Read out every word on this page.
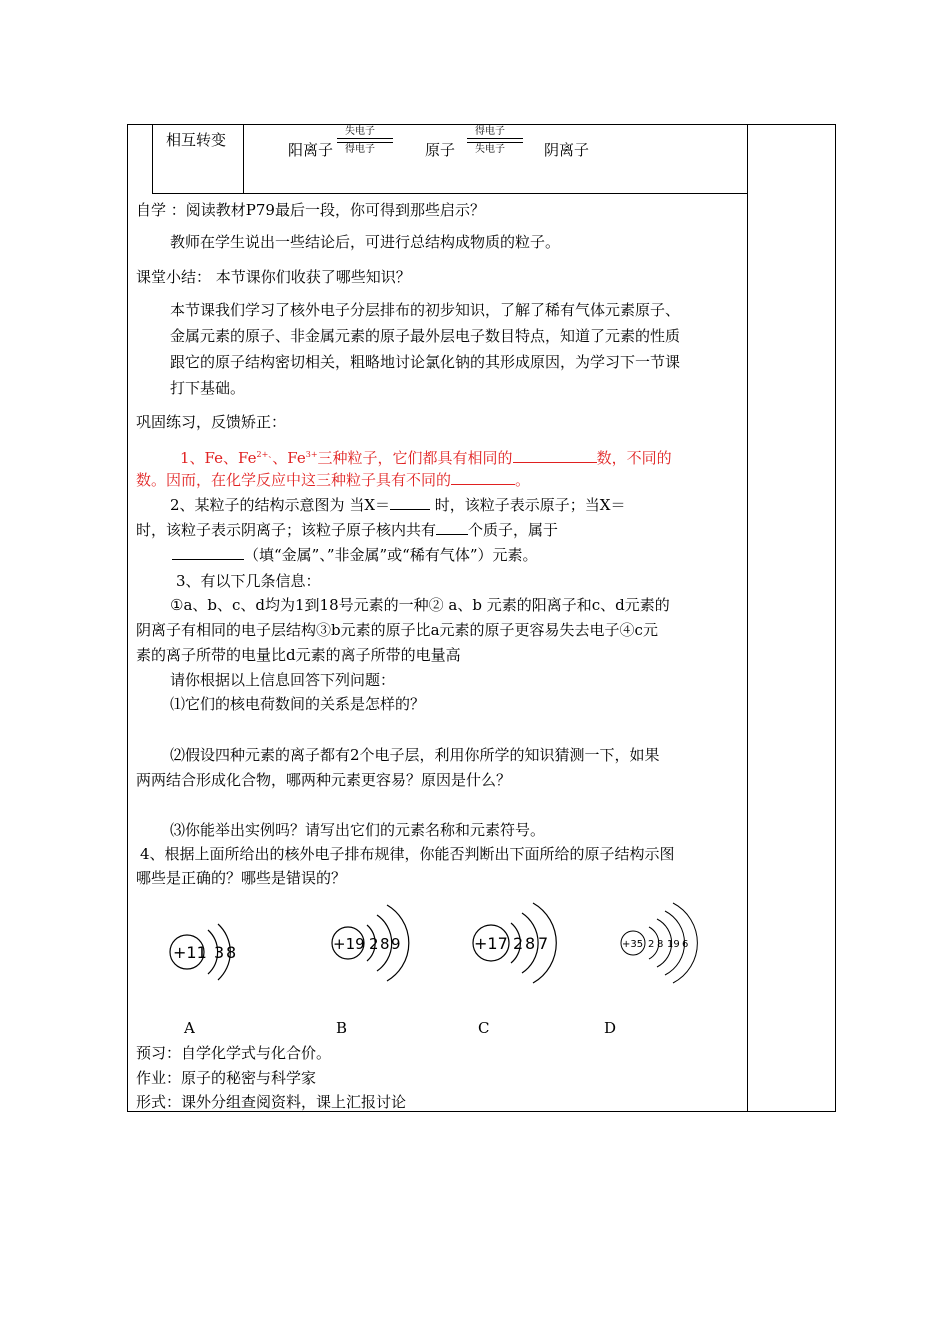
相互转变
阳离子
失电子
得电子	原子
得电子
失电子	阴离子
自学 ：阅读教材P79最后一段，你可得到那些启示？
教师在学生说出一些结论后，可进行总结构成物质的粒子。
课堂小结： 本节课你们收获了哪些知识？
本节课我们学习了核外电子分层排布的初步知识，了解了稀有气体元素原子、
金属元素的原子、非金属元素的原子最外层电子数目特点，知道了元素的性质
跟它的原子结构密切相关，粗略地讨论氯化钠的其形成原因，为学习下一节课
打下基础。
巩固练习，反馈矫正：
1、Fe、$Fe^{2+、}$、$Fe^{3+}$三种粒子，它们都具有相同的	数，不同的
数。因而，在化学反应中这三种粒子具有不同的	。
2、某粒子的结构示意图为 当X＝	时，该粒子表示原子；当X＝
时，该粒子表示阴离子；该粒子原子核内共有 个质子，属于
（填“金属”、”非金属”或“稀有气体”）元素。
3、有以下几条信息：
①a、b、c、d均为1到18号元素的一种② a、b 元素的阳离子和c、d元素的
阴离子有相同的电子层结构③b元素的原子比a元素的原子更容易失去电子④c元
素的离子所带的电量比d元素的离子所带的电量高
请你根据以上信息回答下列问题：
⑴它们的核电荷数间的关系是怎样的？
⑵假设四种元素的离子都有2个电子层，利用你所学的知识猜测一下，如果
两两结合形成化合物，哪两种元素更容易？原因是什么？
⑶你能举出实例吗？请写出它们的元素名称和元素符号。
4、根据上面所给出的核外电子排布规律，你能否判断出下面所给的原子结构示图
哪些是正确的？哪些是错误的？
+11 3 8	+19 2 8 9	+17 2 8 7	+35 2 8 19 6
A	B	C	D
预习：自学化学式与化合价。
作业：原子的秘密与科学家
形式：课外分组查阅资料，课上汇报讨论
